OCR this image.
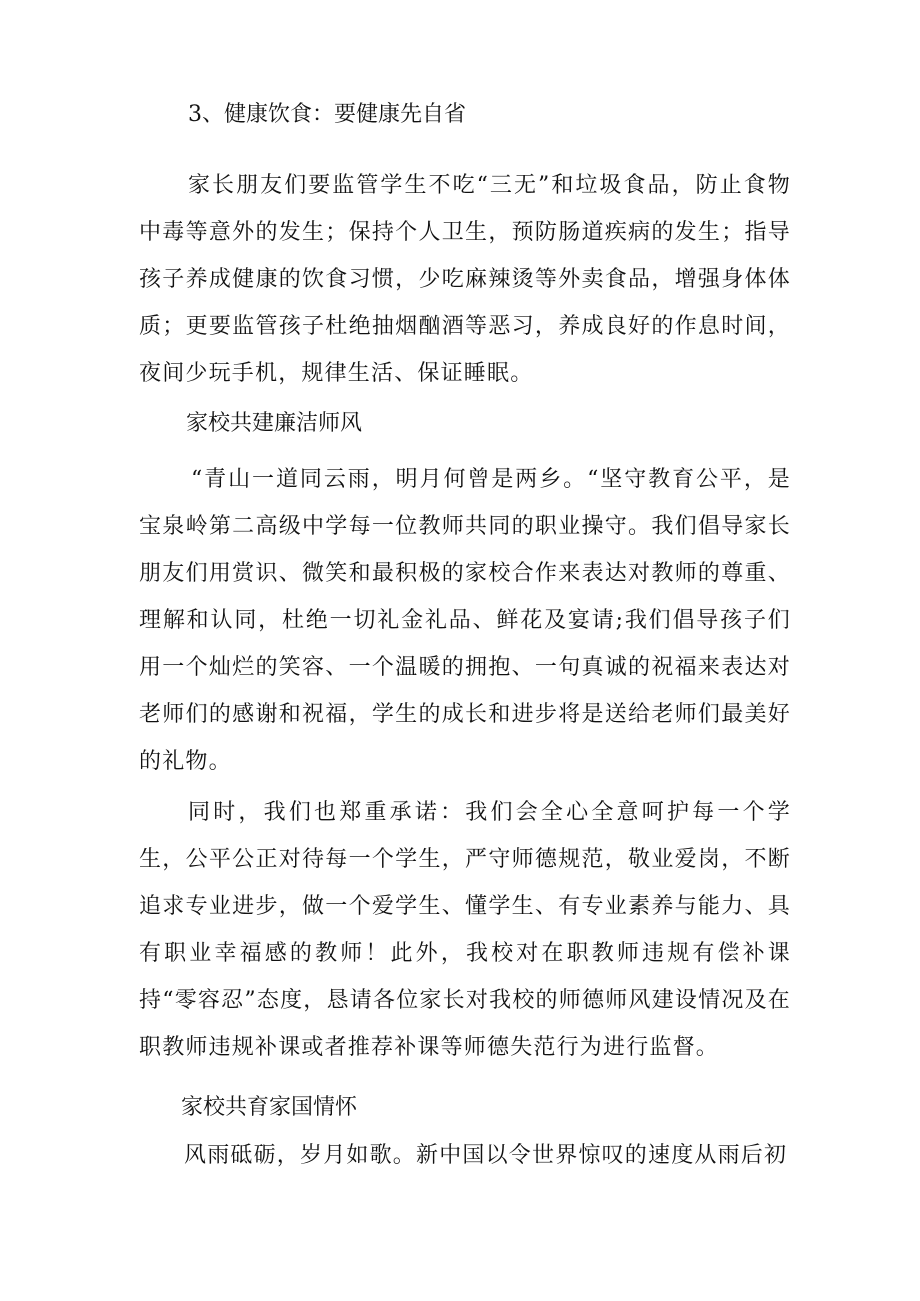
3、健康饮食：要健康先自省

家长朋友们要监管学生不吃“三无”和垃圾食品，防止食物中毒等意外的发生；保持个人卫生，预防肠道疾病的发生；指导孩子养成健康的饮食习惯，少吃麻辣烫等外卖食品，增强身体体质；更要监管孩子杜绝抽烟酗酒等恶习，养成良好的作息时间，夜间少玩手机，规律生活、保证睡眠。

家校共建廉洁师风

“青山一道同云雨，明月何曾是两乡。“坚守教育公平，是宝泉岭第二高级中学每一位教师共同的职业操守。我们倡导家长朋友们用赏识、微笑和最积极的家校合作来表达对教师的尊重、理解和认同，杜绝一切礼金礼品、鲜花及宴请;我们倡导孩子们用一个灿烂的笑容、一个温暖的拥抱、一句真诚的祝福来表达对老师们的感谢和祝福，学生的成长和进步将是送给老师们最美好的礼物。

同时，我们也郑重承诺：我们会全心全意呵护每一个学生，公平公正对待每一个学生，严守师德规范，敬业爱岗，不断追求专业进步，做一个爱学生、懂学生、有专业素养与能力、具有职业幸福感的教师！此外，我校对在职教师违规有偿补课持“零容忍”态度，恳请各位家长对我校的师德师风建设情况及在职教师违规补课或者推荐补课等师德失范行为进行监督。

家校共育家国情怀

风雨砥砺，岁月如歌。新中国以令世界惊叹的速度从雨后初
